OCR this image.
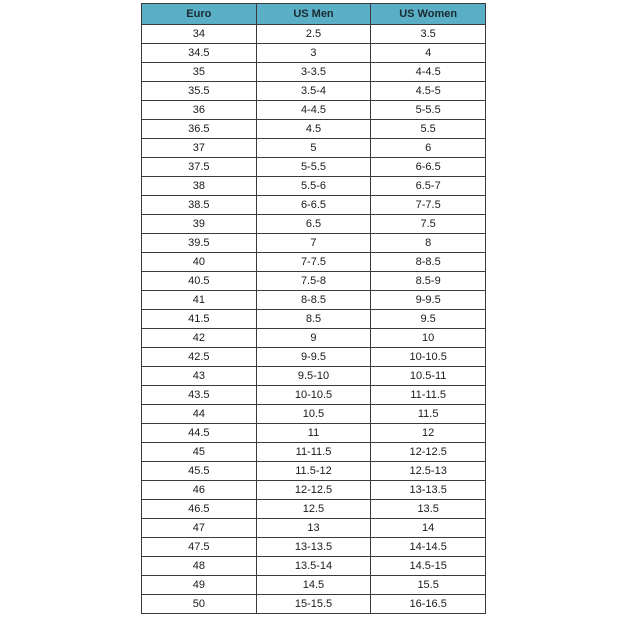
Euro	US Men	US Women
34	2.5	3.5
34.5	3	4
35	3-3.5	4-4.5
35.5	3.5-4	4.5-5
36	4-4.5	5-5.5
36.5	4.5	5.5
37	5	6
37.5	5-5.5	6-6.5
38	5.5-6	6.5-7
38.5	6-6.5	7-7.5
39	6.5	7.5
39.5	7	8
40	7-7.5	8-8.5
40.5	7.5-8	8.5-9
41	8-8.5	9-9.5
41.5	8.5	9.5
42	9	10
42.5	9-9.5	10-10.5
43	9.5-10	10.5-11
43.5	10-10.5	11-11.5
44	10.5	11.5
44.5	11	12
45	11-11.5	12-12.5
45.5	11.5-12	12.5-13
46	12-12.5	13-13.5
46.5	12.5	13.5
47	13	14
47.5	13-13.5	14-14.5
48	13.5-14	14.5-15
49	14.5	15.5
50	15-15.5	16-16.5
